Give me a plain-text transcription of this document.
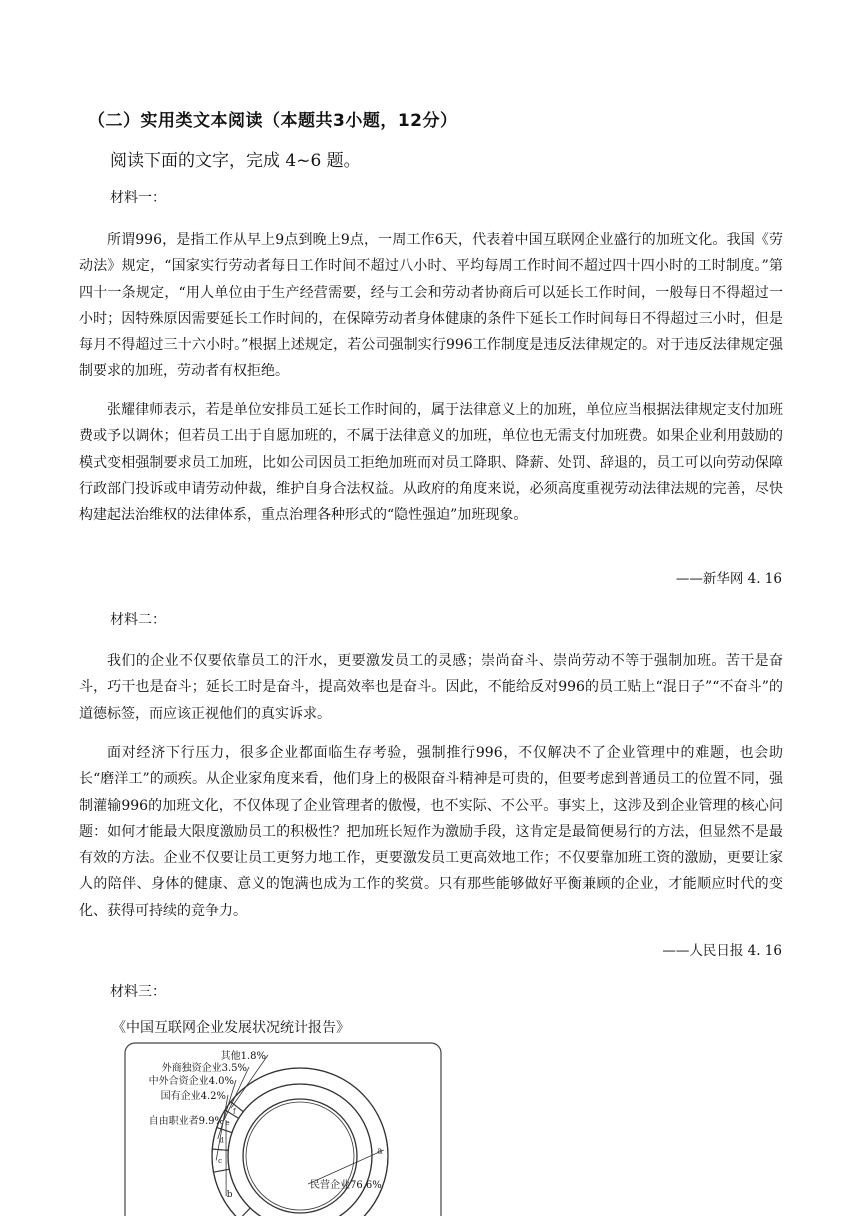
（二）实用类文本阅读（本题共3小题，12分）
阅读下面的文字，完成 4~6 题。
材料一：

所谓996，是指工作从早上9点到晚上9点，一周工作6天，代表着中国互联网企业盛行的加班文化。我国《劳动法》规定，“国家实行劳动者每日工作时间不超过八小时、平均每周工作时间不超过四十四小时的工时制度。”第四十一条规定，“用人单位由于生产经营需要，经与工会和劳动者协商后可以延长工作时间，一般每日不得超过一小时；因特殊原因需要延长工作时间的，在保障劳动者身体健康的条件下延长工作时间每日不得超过三小时，但是每月不得超过三十六小时。”根据上述规定，若公司强制实行996工作制度是违反法律规定的。对于违反法律规定强制要求的加班，劳动者有权拒绝。

张耀律师表示，若是单位安排员工延长工作时间的，属于法律意义上的加班，单位应当根据法律规定支付加班费或予以调休；但若员工出于自愿加班的，不属于法律意义的加班，单位也无需支付加班费。如果企业利用鼓励的模式变相强制要求员工加班，比如公司因员工拒绝加班而对员工降职、降薪、处罚、辞退的，员工可以向劳动保障行政部门投诉或申请劳动仲裁，维护自身合法权益。从政府的角度来说，必须高度重视劳动法律法规的完善，尽快构建起法治维权的法律体系，重点治理各种形式的“隐性强迫”加班现象。

——新华网 4. 16
材料二：

我们的企业不仅要依靠员工的汗水，更要激发员工的灵感；崇尚奋斗、崇尚劳动不等于强制加班。苦干是奋斗，巧干也是奋斗；延长工时是奋斗，提高效率也是奋斗。因此，不能给反对996的员工贴上“混日子”“不奋斗”的道德标签，而应该正视他们的真实诉求。

面对经济下行压力，很多企业都面临生存考验，强制推行996，不仅解决不了企业管理中的难题，也会助长“磨洋工”的顽疾。从企业家角度来看，他们身上的极限奋斗精神是可贵的，但要考虑到普通员工的位置不同，强制灌输996的加班文化，不仅体现了企业管理者的傲慢，也不实际、不公平。事实上，这涉及到企业管理的核心问题：如何才能最大限度激励员工的积极性？把加班长短作为激励手段，这肯定是最简便易行的方法，但显然不是最有效的方法。企业不仅要让员工更努力地工作，更要激发员工更高效地工作；不仅要靠加班工资的激励，更要让家人的陪伴、身体的健康、意义的饱满也成为工作的奖赏。只有那些能够做好平衡兼顾的企业，才能顺应时代的变化、获得可持续的竞争力。

——人民日报 4. 16
材料三：
《中国互联网企业发展状况统计报告》
a
b
c
d
e
f
民营企业76.6%
自由职业者9.9%
国有企业4.2%
中外合资企业4.0%
外商独资企业3.5%
其他1.8%
